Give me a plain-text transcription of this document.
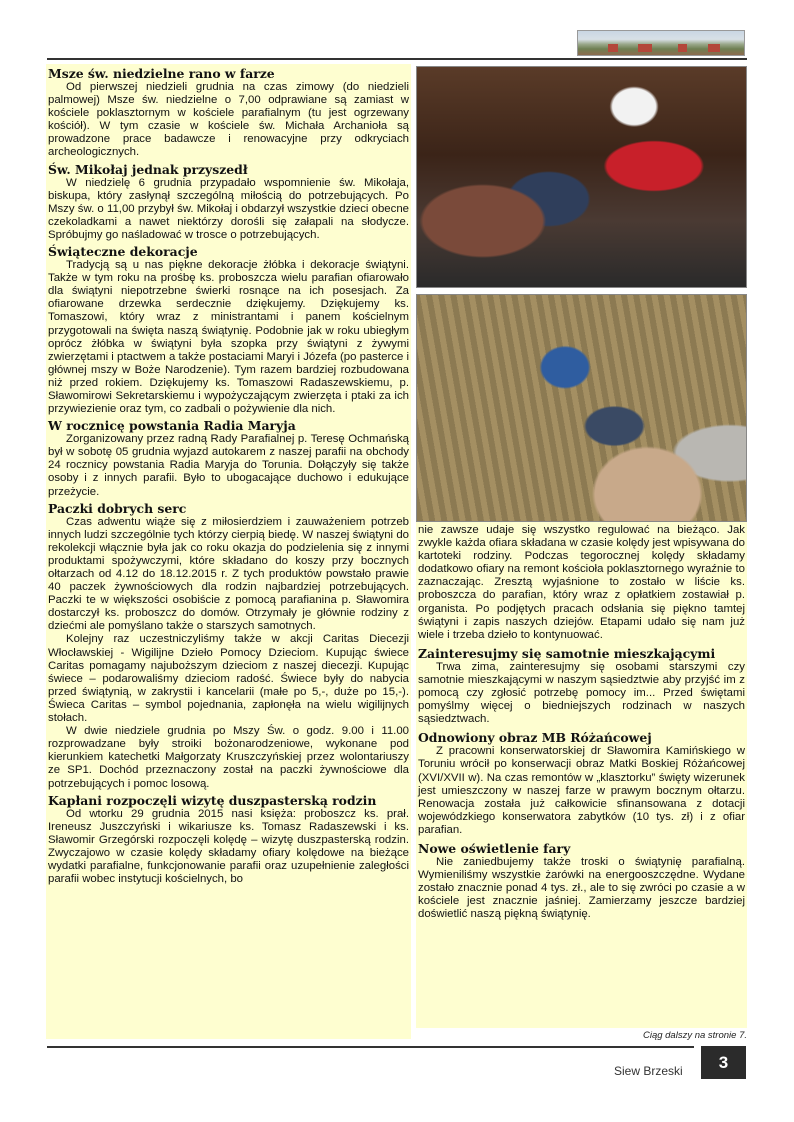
Msze św. niedzielne rano w farze

Od pierwszej niedzieli grudnia na czas zimowy (do niedzieli palmowej) Msze św. niedzielne o 7,00 odprawiane są zamiast w kościele poklasztornym w kościele parafialnym (tu jest ogrzewany kościół). W tym czasie w kościele św. Michała Archanioła są prowadzone prace badawcze i renowacyjne przy odkryciach archeologicznych.

Św. Mikołaj jednak przyszedł

W niedzielę 6 grudnia przypadało wspomnienie św. Mikołaja, biskupa, który zasłynął szczególną miłością do potrzebujących. Po Mszy św. o 11,00 przybył św. Mikołaj i obdarzył wszystkie dzieci obecne czekoladkami a nawet niektórzy dorośli się załapali na słodycze. Spróbujmy go naśladować w trosce o potrzebujących.

Świąteczne dekoracje

Tradycją są u nas piękne dekoracje żłóbka i dekoracje świątyni. Także w tym roku na prośbę ks. proboszcza wielu parafian ofiarowało dla świątyni niepotrzebne świerki rosnące na ich posesjach. Za ofiarowane drzewka serdecznie dziękujemy. Dziękujemy ks. Tomaszowi, który wraz z ministrantami i panem kościelnym przygotowali na święta naszą świątynię. Podobnie jak w roku ubiegłym oprócz żłóbka w świątyni była szopka przy świątyni z żywymi zwierzętami i ptactwem a także postaciami Maryi i Józefa (po pasterce i głównej mszy w Boże Narodzenie). Tym razem bardziej rozbudowana niż przed rokiem. Dziękujemy ks. Tomaszowi Radaszewskiemu, p. Sławomirowi Sekretarskiemu i wypożyczającym zwierzęta i ptaki za ich przywiezienie oraz tym, co zadbali o pożywienie dla nich.

W rocznicę powstania Radia Maryja

Zorganizowany przez radną Rady Parafialnej p. Teresę Ochmańską był w sobotę 05 grudnia wyjazd autokarem z naszej parafii na obchody 24 rocznicy powstania Radia Maryja do Torunia. Dołączyły się także osoby i z innych parafii. Było to ubogacające duchowo i edukujące przeżycie.

Paczki dobrych serc

Czas adwentu wiąże się z miłosierdziem i zauważeniem potrzeb innych ludzi szczególnie tych którzy cierpią biedę. W naszej świątyni do rekolekcji włącznie była jak co roku okazja do podzielenia się z innymi produktami spożywczymi, które składano do koszy przy bocznych ołtarzach od 4.12 do 18.12.2015 r. Z tych produktów powstało prawie 40 paczek żywnościowych dla rodzin najbardziej potrzebujących. Paczki te w większości osobiście z pomocą parafianina p. Sławomira dostarczył ks. proboszcz do domów. Otrzymały je głównie rodziny z dziećmi ale pomyślano także o starszych samotnych.

Kolejny raz uczestniczyliśmy także w akcji Caritas Diecezji Włocławskiej - Wigilijne Dzieło Pomocy Dzieciom. Kupując świece Caritas pomagamy najuboższym dzieciom z naszej diecezji. Kupując świece – podarowaliśmy dzieciom radość. Świece były do nabycia przed świątynią, w zakrystii i kancelarii (małe po 5,-, duże po 15,-). Świeca Caritas – symbol pojednania, zapłonęła na wielu wigilijnych stołach.

W dwie niedziele grudnia po Mszy Św. o godz. 9.00 i 11.00 rozprowadzane były stroiki bożonarodzeniowe, wykonane pod kierunkiem katechetki Małgorzaty Kruszczyńskiej przez wolontariuszy ze SP1. Dochód przeznaczony został na paczki żywnościowe dla potrzebujących i pomoc losową.

Kapłani rozpoczęli wizytę duszpasterską rodzin

Od wtorku 29 grudnia 2015 nasi księża: proboszcz ks. prał. Ireneusz Juszczyński i wikariusze ks. Tomasz Radaszewski i ks. Sławomir Grzegórski rozpoczęli kolędę – wizytę duszpasterską rodzin. Zwyczajowo w czasie kolędy składamy ofiary kolędowe na bieżące wydatki parafialne, funkcjonowanie parafii oraz uzupełnienie zaległości parafii wobec instytucji kościelnych, bo

nie zawsze udaje się wszystko regulować na bieżąco. Jak zwykle każda ofiara składana w czasie kolędy jest wpisywana do kartoteki rodziny. Podczas tegorocznej kolędy składamy dodatkowo ofiary na remont kościoła poklasztornego wyraźnie to zaznaczając. Zresztą wyjaśnione to zostało w liście ks. proboszcza do parafian, który wraz z opłatkiem zostawiał p. organista. Po podjętych pracach odsłania się piękno tamtej świątyni i zapis naszych dziejów. Etapami udało się nam już wiele i trzeba dzieło to kontynuować.

Zainteresujmy się samotnie mieszkającymi

Trwa zima, zainteresujmy się osobami starszymi czy samotnie mieszkającymi w naszym sąsiedztwie aby przyjść im z pomocą czy zgłosić potrzebę pomocy im... Przed świętami pomyślmy więcej o biedniejszych rodzinach w naszych sąsiedztwach.

Odnowiony obraz MB Różańcowej

Z pracowni konserwatorskiej dr Sławomira Kamińskiego w Toruniu wrócił po konserwacji obraz Matki Boskiej Różańcowej (XVI/XVII w). Na czas remontów w „klasztorku” święty wizerunek jest umieszczony w naszej farze w prawym bocznym ołtarzu. Renowacja została już całkowicie sfinansowana z dotacji wojewódzkiego konserwatora zabytków (10 tys. zł) i z ofiar parafian.

Nowe oświetlenie fary

Nie zaniedbujemy także troski o świątynię parafialną. Wymieniliśmy wszystkie żarówki na energooszczędne. Wydane zostało znacznie ponad 4 tys. zł., ale to się zwróci po czasie a w kościele jest znacznie jaśniej. Zamierzamy jeszcze bardziej doświetlić naszą piękną świątynię.

Ciąg dalszy na stronie 7.
Siew Brzeski	3
